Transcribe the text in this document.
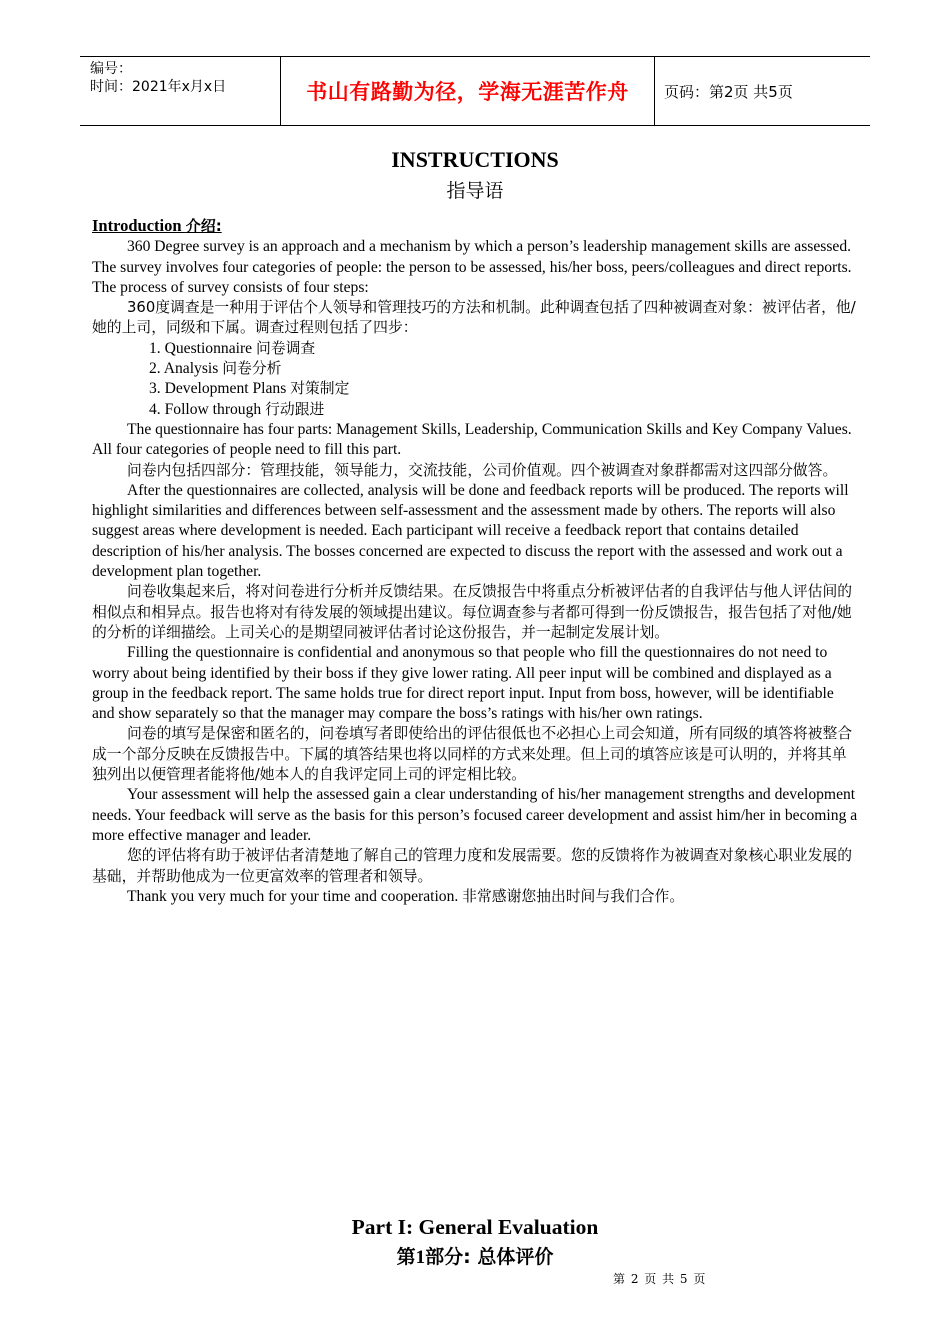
编号：
时间：2021年x月x日	书山有路勤为径，学海无涯苦作舟	页码：第2页 共5页
INSTRUCTIONS
指导语
Introduction 介绍:

360 Degree survey is an approach and a mechanism by which a person’s leadership management skills are assessed. The survey involves four categories of people: the person to be assessed, his/her boss, peers/colleagues and direct reports. The process of survey consists of four steps:

360度调查是一种用于评估个人领导和管理技巧的方法和机制。此种调查包括了四种被调查对象：被评估者，他/她的上司，同级和下属。调查过程则包括了四步：

1. Questionnaire 问卷调查
2. Analysis 问卷分析
3. Development Plans 对策制定
4. Follow through 行动跟进

The questionnaire has four parts: Management Skills, Leadership, Communication Skills and Key Company Values. All four categories of people need to fill this part.

问卷内包括四部分：管理技能，领导能力，交流技能，公司价值观。四个被调查对象群都需对这四部分做答。

After the questionnaires are collected, analysis will be done and feedback reports will be produced. The reports will highlight similarities and differences between self-assessment and the assessment made by others. The reports will also suggest areas where development is needed. Each participant will receive a feedback report that contains detailed description of his/her analysis. The bosses concerned are expected to discuss the report with the assessed and work out a development plan together.

问卷收集起来后，将对问卷进行分析并反馈结果。在反馈报告中将重点分析被评估者的自我评估与他人评估间的相似点和相异点。报告也将对有待发展的领域提出建议。每位调查参与者都可得到一份反馈报告，报告包括了对他/她的分析的详细描绘。上司关心的是期望同被评估者讨论这份报告，并一起制定发展计划。

Filling the questionnaire is confidential and anonymous so that people who fill the questionnaires do not need to worry about being identified by their boss if they give lower rating. All peer input will be combined and displayed as a group in the feedback report. The same holds true for direct report input. Input from boss, however, will be identifiable and show separately so that the manager may compare the boss’s ratings with his/her own ratings.

问卷的填写是保密和匿名的，问卷填写者即使给出的评估很低也不必担心上司会知道，所有同级的填答将被整合成一个部分反映在反馈报告中。下属的填答结果也将以同样的方式来处理。但上司的填答应该是可认明的，并将其单独列出以便管理者能将他/她本人的自我评定同上司的评定相比较。

Your assessment will help the assessed gain a clear understanding of his/her management strengths and development needs. Your feedback will serve as the basis for this person’s focused career development and assist him/her in becoming a more effective manager and leader.

您的评估将有助于被评估者清楚地了解自己的管理力度和发展需要。您的反馈将作为被调查对象核心职业发展的基础，并帮助他成为一位更富效率的管理者和领导。

Thank you very much for your time and cooperation. 非常感谢您抽出时间与我们合作。

Part I: General Evaluation
第1部分: 总体评价
第 2 页 共 5 页
